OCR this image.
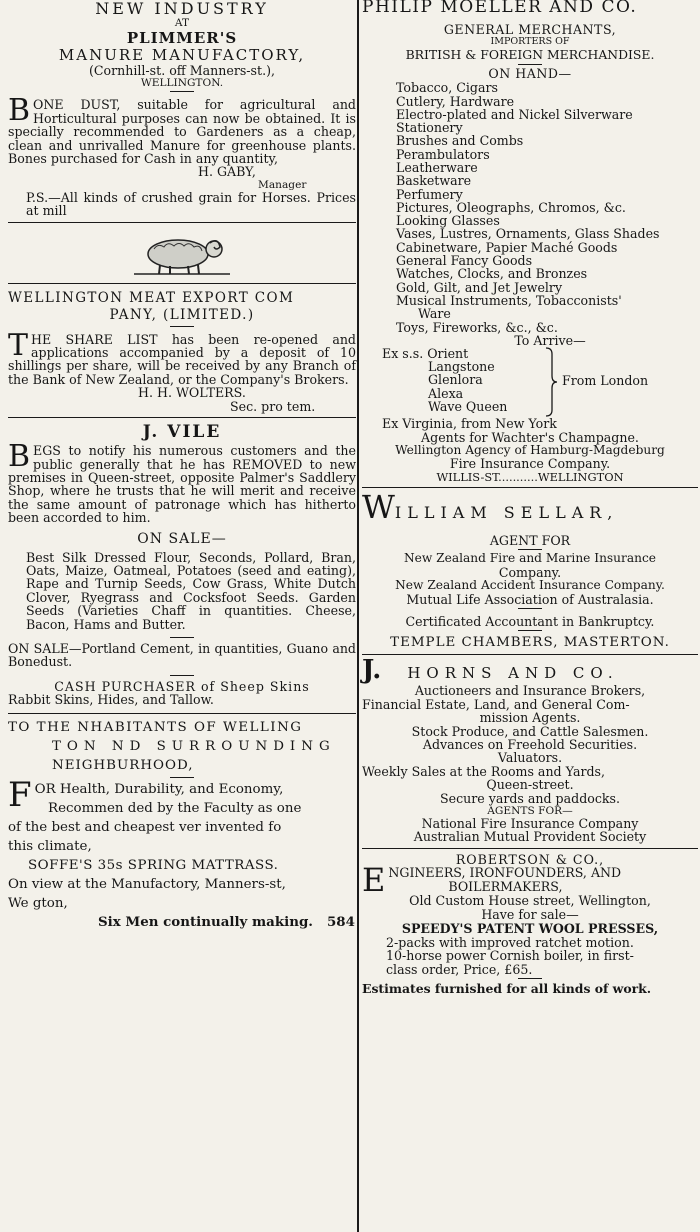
NEW INDUSTRY
AT
PLIMMER'S
MANURE MANUFACTORY,
(Cornhill-st. off Manners-st.),
WELLINGTON.

BONE DUST, suitable for agricultural and Horticultural purposes can now be obtained. It is specially recommended to Gardeners as a cheap, clean and unrivalled Manure for greenhouse plants. Bones purchased for Cash in any quantity,

H. GABY,
Manager

P.S.—All kinds of crushed grain for Horses. Prices at mill

WELLINGTON MEAT EXPORT COM
PANY, (LIMITED.)

THE SHARE LIST has been re-opened and applications accompanied by a deposit of 10 shillings per share, will be received by any Branch of the Bank of New Zealand, or the Company's Brokers.

H. H. WOLTERS.
Sec. pro tem.
J. VILE

BEGS to notify his numerous customers and the public generally that he has REMOVED to new premises in Queen-street, opposite Palmer's Saddlery Shop, where he trusts that he will merit and receive the same amount of patronage which has hitherto been accorded to him.

ON SALE—

Best Silk Dressed Flour, Seconds, Pollard, Bran, Oats, Maize, Oatmeal, Potatoes (seed and eating), Rape and Turnip Seeds, Cow Grass, White Dutch Clover, Ryegrass and Cocksfoot Seeds. Garden Seeds (Varieties Chaff in quantities. Cheese, Bacon, Hams and Butter.

ON SALE—Portland Cement, in quantities, Guano and Bonedust.

CASH PURCHASER of Sheep Skins
Rabbit Skins, Hides, and Tallow.
TO THE NHABITANTS OF WELLING
TON ND SURROUNDING
NEIGHBURHOOD,
FOR Health, Durability, and Economy,
Recommen ded by the Faculty as one
of the best and cheapest ver invented fo
this climate,
SOFFE'S 35s SPRING MATTRASS.
On view at the Manufactory, Manners-st,
We gton,
Six Men continually making. 584
PHILIP MOELLER AND CO.
GENERAL MERCHANTS,
IMPORTERS OF
BRITISH & FOREIGN MERCHANDISE.
ON HAND—
Tobacco, Cigars
Cutlery, Hardware
Electro-plated and Nickel Silverware
Stationery
Brushes and Combs
Perambulators
Leatherware
Basketware
Perfumery
Pictures, Oleographs, Chromos, &c.
Looking Glasses
Vases, Lustres, Ornaments, Glass Shades
Cabinetware, Papier Maché Goods
General Fancy Goods
Watches, Clocks, and Bronzes
Gold, Gilt, and Jet Jewelry
Musical Instruments, Tobacconists'
Ware
Toys, Fireworks, &c., &c.
To Arrive—
Ex s.s. Orient
Langstone
Glenlora
Alexa
Wave Queen
From London
Ex Virginia, from New York
Agents for Wachter's Champagne.
Wellington Agency of Hamburg-Magdeburg
Fire Insurance Company.
WILLIS-ST...........WELLINGTON
WILLIAM SELLAR,
AGENT FOR
New Zealand Fire and Marine Insurance
Company.
New Zealand Accident Insurance Company.
Mutual Life Association of Australasia.
Certificated Accountant in Bankruptcy.
TEMPLE CHAMBERS, MASTERTON.
J. HORNS AND CO.
Auctioneers and Insurance Brokers,
Financial Estate, Land, and General Com-
mission Agents.
Stock Produce, and Cattle Salesmen.
Advances on Freehold Securities.
Valuators.
Weekly Sales at the Rooms and Yards,
Queen-street.
Secure yards and paddocks.
AGENTS FOR—
National Fire Insurance Company
Australian Mutual Provident Society
ROBERTSON & CO.,
ENGINEERS, IRONFOUNDERS, AND
BOILERMAKERS,
Old Custom House street, Wellington,
Have for sale—
SPEEDY'S PATENT WOOL PRESSES,
2-packs with improved ratchet motion.
10-horse power Cornish boiler, in first-
class order, Price, £65.
Estimates furnished for all kinds of work.
